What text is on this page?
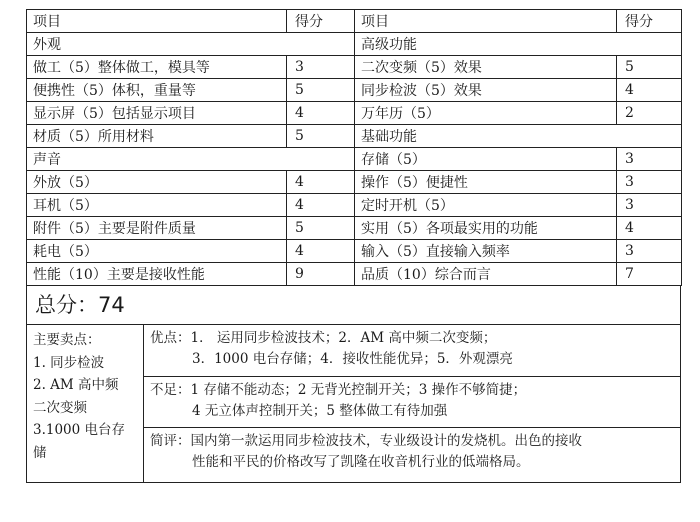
项目	得分	项目	得分
外观		高级功能	
做工（5）整体做工，模具等	3	二次变频（5）效果	5
便携性（5）体积，重量等	5	同步检波（5）效果	4
显示屏（5）包括显示项目	4	万年历（5）	2
材质（5）所用材料	5	基础功能	
声音		存储（5）	3
外放（5）	4	操作（5）便捷性	3
耳机（5）	4	定时开机（5）	3
附件（5）主要是附件质量	5	实用（5）各项最实用的功能	4
耗电（5）	4	输入（5）直接输入频率	3
性能（10）主要是接收性能	9	品质（10）综合而言	7
总分：74
主要卖点：
1. 同步检波
2. AM 高中频
二次变频
3.1000 电台存
储
优点：1． 运用同步检波技术；2．AM 高中频二次变频；
3．1000 电台存储；4．接收性能优异；5．外观漂亮
不足：1 存储不能动态；2 无背光控制开关；3 操作不够简捷；
4 无立体声控制开关；5 整体做工有待加强
简评：国内第一款运用同步检波技术，专业级设计的发烧机。出色的接收
性能和平民的价格改写了凯隆在收音机行业的低端格局。
